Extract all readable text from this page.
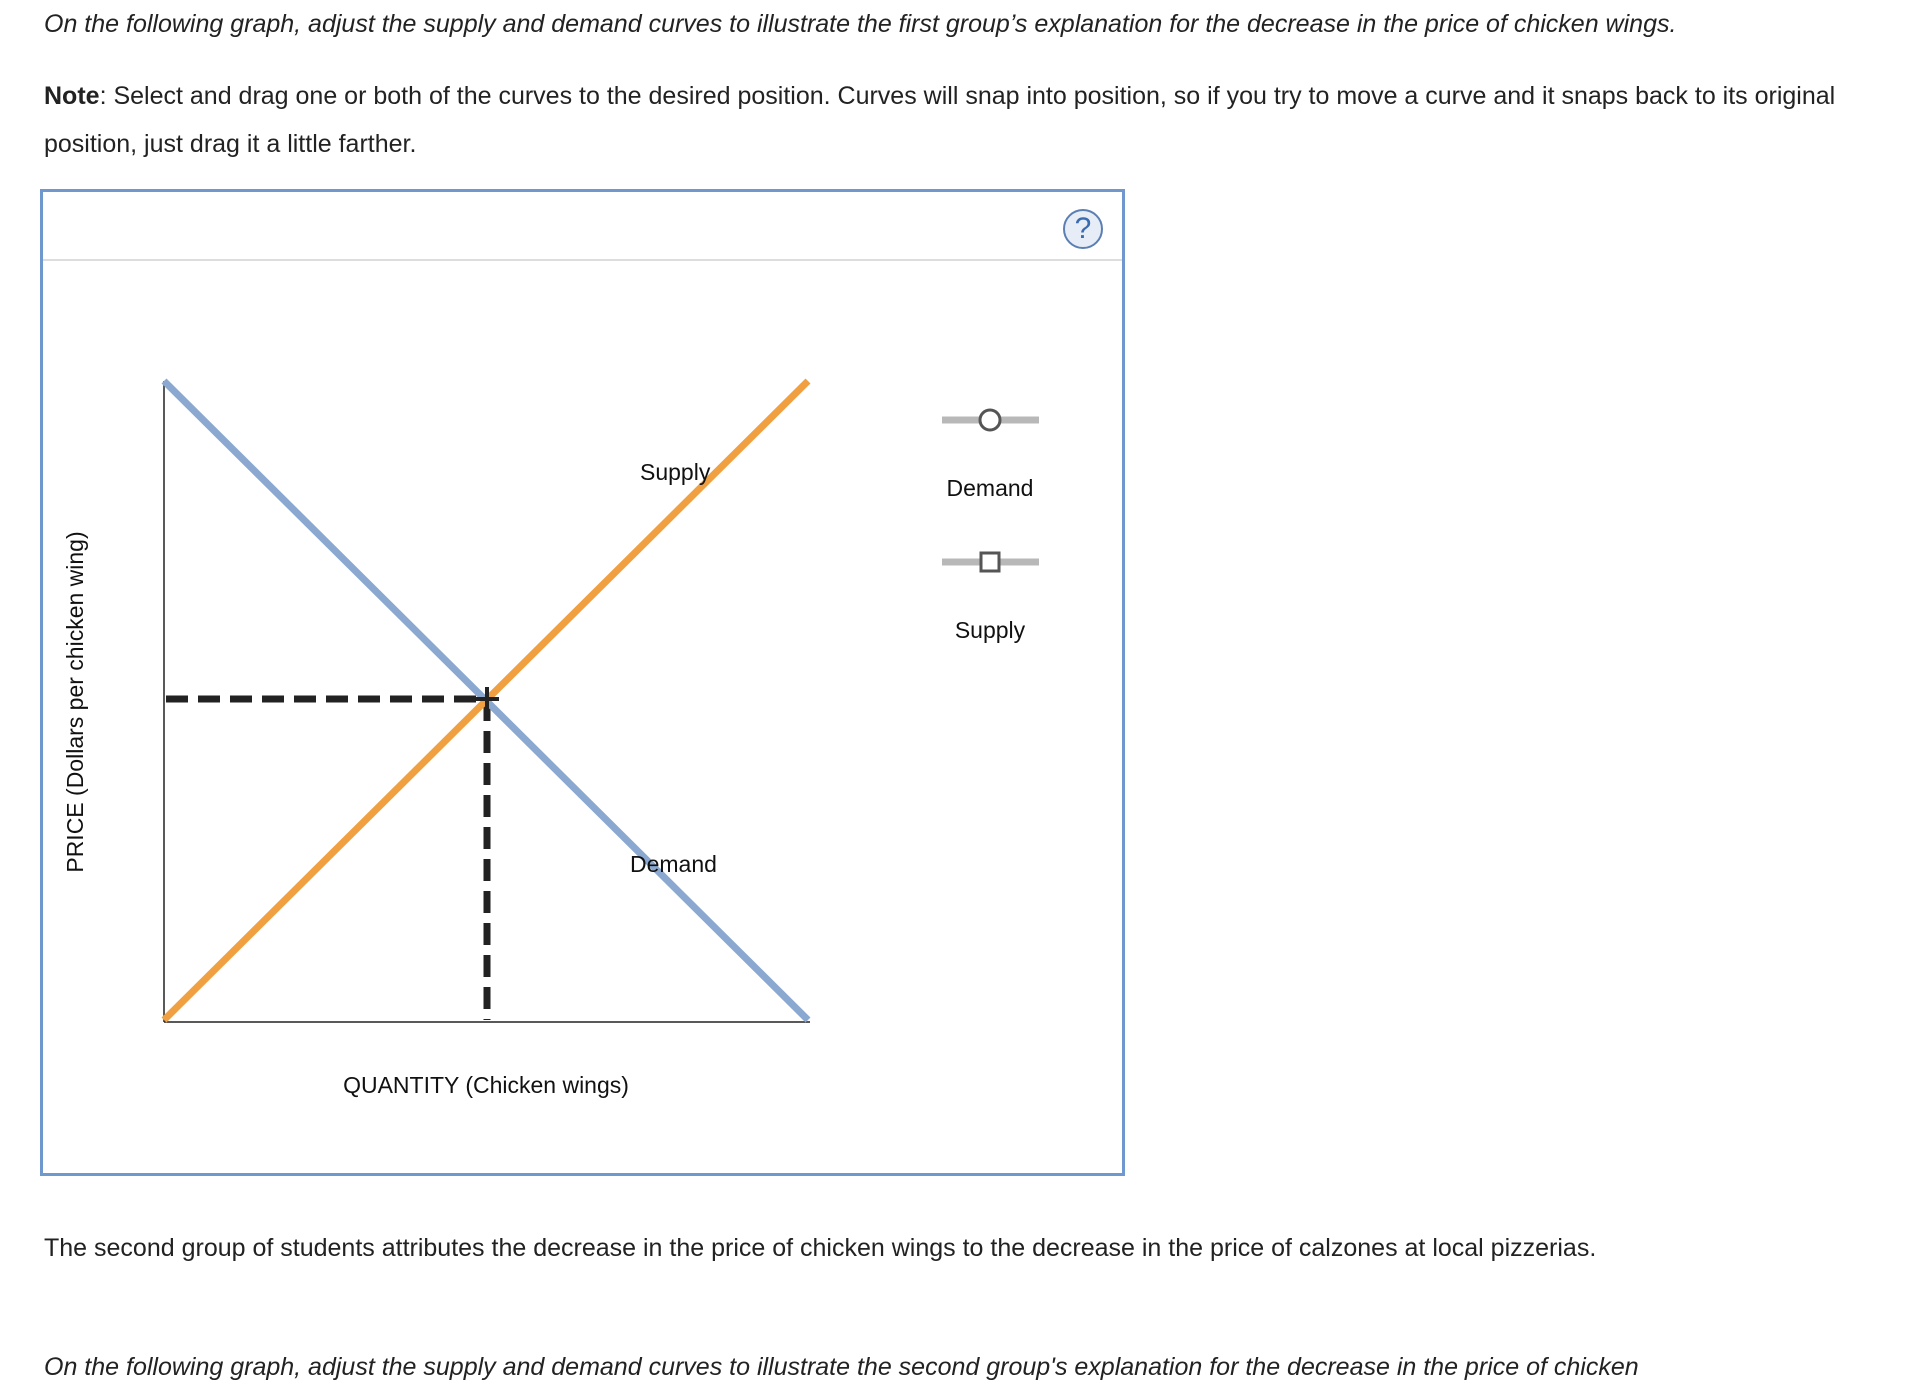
On the following graph, adjust the supply and demand curves to illustrate the first group’s explanation for the decrease in the price of chicken wings.

Note: Select and drag one or both of the curves to the desired position. Curves will snap into position, so if you try to move a curve and it snaps back to its original position, just drag it a little farther.

?
Supply
Demand
QUANTITY (Chicken wings)
PRICE (Dollars per chicken wing)
Demand
Supply

The second group of students attributes the decrease in the price of chicken wings to the decrease in the price of calzones at local pizzerias.

On the following graph, adjust the supply and demand curves to illustrate the second group's explanation for the decrease in the price of chicken
